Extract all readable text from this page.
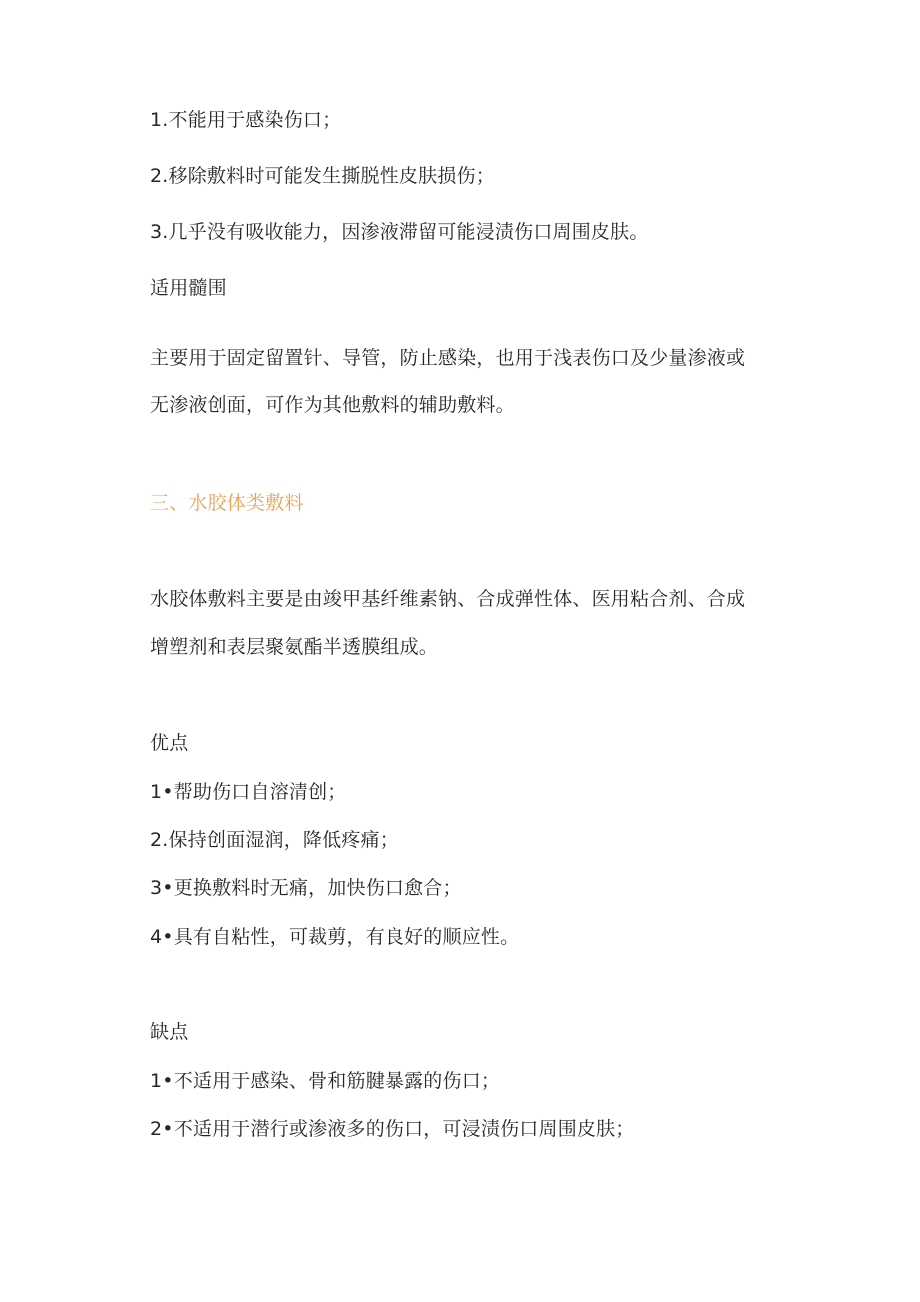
1.不能用于感染伤口；
2.移除敷料时可能发生撕脱性皮肤损伤；
3.几乎没有吸收能力，因渗液滞留可能浸渍伤口周围皮肤。
适用髓围
主要用于固定留置针、导管，防止感染，也用于浅表伤口及少量渗液或
无渗液创面，可作为其他敷料的辅助敷料。
三、水胶体类敷料
水胶体敷料主要是由竣甲基纤维素钠、合成弹性体、医用粘合剂、合成
增塑剂和表层聚氨酯半透膜组成。
优点
1•帮助伤口自溶清创；
2.保持创面湿润，降低疼痛；
3•更换敷料时无痛，加快伤口愈合；
4•具有自粘性，可裁剪，有良好的顺应性。
缺点
1•不适用于感染、骨和筋腱暴露的伤口；
2•不适用于潜行或渗液多的伤口，可浸渍伤口周围皮肤；
